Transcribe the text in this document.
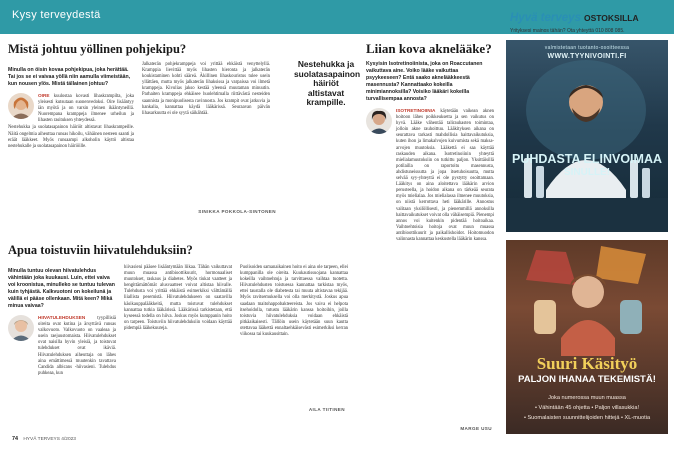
Kysy terveydestä
Mistä johtuu yöllinen pohjekipu?
Minulla on öisin kovaa pohjekipua, joka herättää. Tai jos se ei vaivaa yöllä niin aamulla viimeistään, kun nousen ylös. Mistä tällainen johtuu?
OIRE kuulostaa kovasti lihaskrampilta, joka yleisesti kutsutaan suonenvedoksi. Oire lisääntyy iän myötä ja on varsin yleinen ikääntyneillä. Nuorempana kramppeja ilmenee urheilun ja lihasten rasituksen yhteydessä.
Nestehukka ja suolatasapainon häiriöt altistavat lihaskrampeille. Näitä ongelmia aiheuttaa runsas hikoilu, vähäinen nesteen saanti ja eräät lääkkeet. Myös runsaampi alkoholin käyttö altistaa nestehukalle ja suolatasapainon häiriöille.
Jalkaterän pohjekramppeja voi yrittää ehkäistä venyttelyllä. Kramppia lievittää myös lihasten hieronta ja jalkaterän koukistaminen kohti sääreä. Äkillinen lihaskouristus tulee usein yllättäen, mutta myös jalkaterän lihaksissa ja varpaissa voi ilmetä kramppeja. Kivulias jakso kestää yleensä muutaman minuutin. Parhaiten kramppeja ehkäisee huolehtimalla riittävästä nesteiden saannista ja monipuolisesta ravinnosta. Jos krampit ovat jatkuvia ja hankalia, kannattaa käydä lääkärissä. Seuraavan päivän lihasarkuutta ei ole syytä säikähtää.
SINIKKA POKKOLA-SINTONEN
Nestehukka ja suolatasapainon häiriöt altistavat krampille.
Apua toistuviin hiivatulehduksiin?
Minulla tuntuu olevan hiivatulehdus vähintään joka kuukausi. Luin, ettei vaiva voi kroonistua, minulleko se tuntuu tulevan kuin tyhjästä. Kalkvuotoni on kokeilunä ja välillä ei pääse ollenkaan. Mitä keen? Mikä minua vaivaa?
HIIVATULEHDUKSEN	tyypillisiä oireita ovat kutina ja ärsyttävä runsas valkovuoto. Valkovuoto on vaaleaa ja usein raejuustomaista. Hiivatulehdukset ovat naisilla hyvin yleisiä, ja toistuvat tulehdukset ovat ikäviä. Hiivatulehduksen aiheuttaja on lähes aina emättimessä muutenkin tavattava Candida albicans -hiivasieni. Tulehdus puhkeaa, kun
hiivasieni pääsee lisääntymään liikaa. Tähän vaikuttavat muun muassa antibioottikuurit, hormonaaliset muutokset, raskaus ja diabetes. Myös tiukat vaatteet ja hengittämättömät alusvaatteet voivat altistaa hiivalle. Tulehdusta voi yrittää ehkäistä esimerkiksi välttämällä liiallista pesemistä. Hiivatulehdukseen on saatavilla käsikauppalääkkeitä, mutta toistuvat tulehdukset kannattaa tutkia lääkärissä. Lääkärissä tarkistetaan, että kyseessä todella on hiiva. Joskus myös kumppanin hoito on tarpeen. Toistuviin hiivatulehduksiin voidaan käyttää pidempiä lääkekuureja.
Puolisoiden samanaikainen hoito ei aina ole tarpeen, ellei kumppanilla ole oireita. Kuukautissuojana kannattaa kokeilla vaihtoehtoja ja tarvittaessa vaihtaa tuotetta. Hiivatulehdusten toistuessa kannattaa tarkistaa myös, ettei taustalla ole diabetesta tai muuta altistavaa tekijää. Myös ravitsemuksella voi olla merkitystä. Joskus apua saadaan maitohappobakteereista. Jos vaiva ei helpota itsehoidolla, tutustu lääkärin kanssa hoitoihin, joilla toistuvia hiivatulehduksia voidaan ehkäistä pitkäaikaisesti. Tällöin usein käytetään suun kautta otettavaa lääkettä ennaltaehkäisevästi esimerkiksi kerran viikossa tai kuukausittain.
AILA TIITINEN
Liian kova aknelääke?
Kysyisin Isotretinoiinista, joka on Roaccutanen vaikuttava aine. Voiko lääke vaikuttaa psyykeeseen? Entä saako aknelääkkeestä masennusta? Kannattaako kokeilla minimiannoksilla? Voisiko lääkäri kokeilla turvallisempaa annosta?
ISOTRETINOIINIA käytetään vaikean aknen hoitoon lähes poikkeuksetta ja sen vaikutus on hyvä. Lääke vähentää talirauhasten toimintaa, jolloin akne rauhoittuu. Lääkityksen aikana on seurattava tarkasti mahdollisia haittavaikutuksia, kuten ihon ja limakalvojen kuivumista sekä maksa-arvojen muutoksia. Lääkettä ei saa käyttää raskauden aikana. Isotretinoiinin yhteyttä mielialamuutoksiin on tutkittu paljon. Yksittäisillä potilailla on raportoitu masennusta, ahdistuneisuutta ja jopa itsetuhoisuutta, mutta selvää syy-yhteyttä ei ole pystytty osoittamaan. Lääkitys on aina aloitettava lääkärin arvion perusteella, ja hoidon aikana on tärkeää seurata myös mielialaa. Jos mielialassa ilmenee muutoksia, on niistä kerrottava heti lääkärille. Annostus valitaan yksilöllisesti, ja pienemmillä annoksilla haittavaikutukset voivat olla vähäisempiä. Pienempi annos voi kuitenkin pidentää hoitoaikaa. Vaihtoehtoisia hoitoja ovat muun muassa antibioottikuurit ja paikallishoidot. Hoitomuodon valinnasta kannattaa keskustella lääkärin kanssa.
MARGE USU
Hyvä terveys OSTOKSILLA
Yrityksesi mainos tähän? Ota yhteyttä 010 808 085.
valmistetaan tuotanto-osoitteessa
WWW.TYYNIVOINTI.FI
PUHDASTA ELINVOIMAA
SINULLE!
Suuri Käsityö
PALJON IHANAA TEKEMISTÄ!
Joka numerossa muun muassa
• Vähintään 45 ohjetta • Paljon villasukkia!
• Suomalaisten suunnittelijoiden hittejä • XL-muotia
74 HYVÄ TERVEYS 4/2023
